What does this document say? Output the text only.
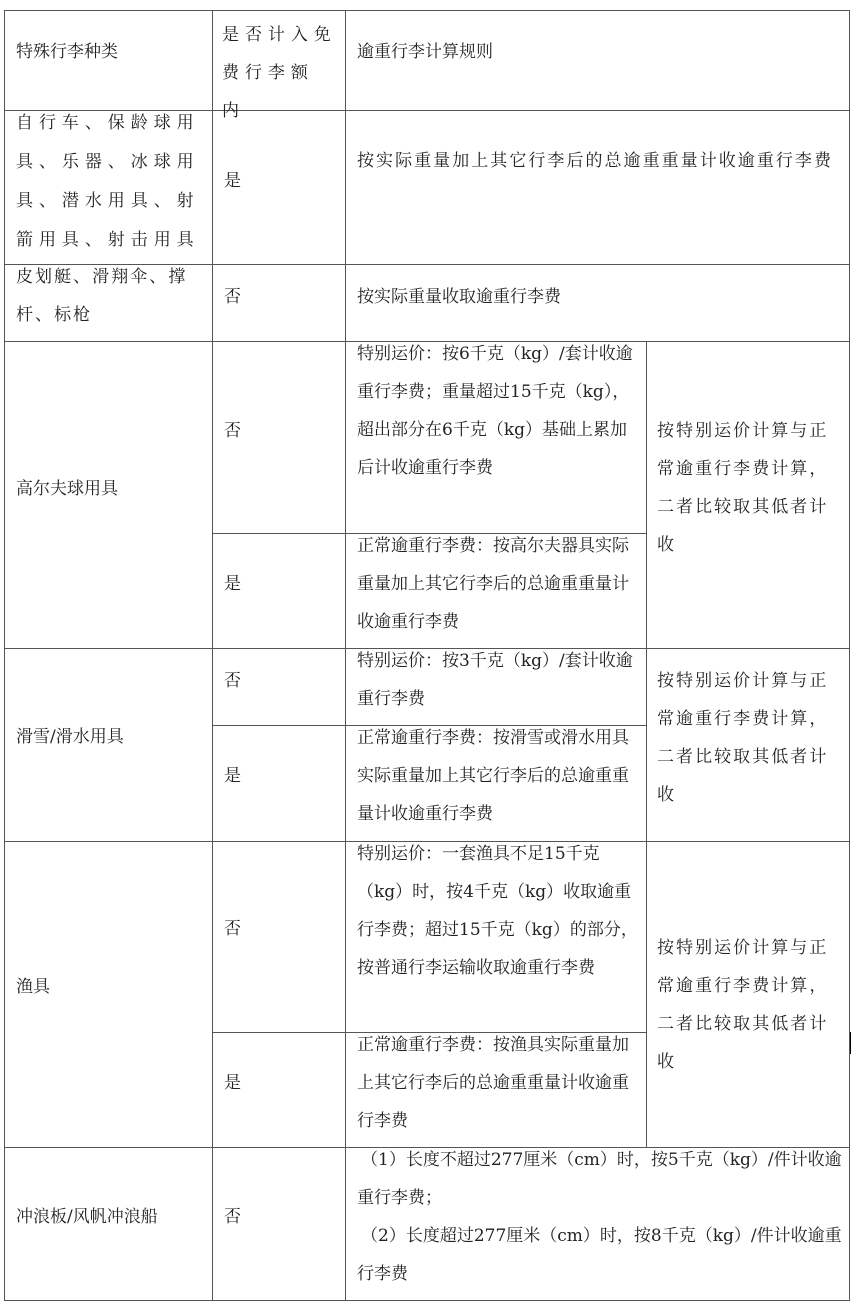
特殊行李种类
是否计入免费行李额 内
逾重行李计算规则
自行车、保龄球用具、乐器、冰球用具、潜水用具、射箭用具、射击用具
是
按实际重量加上其它行李后的总逾重重量计收逾重行李费
皮划艇、滑翔伞、撑杆、标枪
否	按实际重量收取逾重行李费
高尔夫球用具
否
特别运价：按6千克（kg）/套计收逾重行李费；重量超过15千克（kg），超出部分在6千克（kg）基础上累加后计收逾重行李费
是
正常逾重行李费：按高尔夫器具实际重量加上其它行李后的总逾重重量计收逾重行李费
按特别运价计算与正常逾重行李费计算，二者比较取其低者计收
滑雪/滑水用具
否
特别运价：按3千克（kg）/套计收逾重行李费
是
正常逾重行李费：按滑雪或滑水用具实际重量加上其它行李后的总逾重重量计收逾重行李费
按特别运价计算与正常逾重行李费计算，二者比较取其低者计收
渔具
否
特别运价：一套渔具不足15千克（kg）时，按4千克（kg）收取逾重行李费；超过15千克（kg）的部分，按普通行李运输收取逾重行李费
是
正常逾重行李费：按渔具实际重量加上其它行李后的总逾重重量计收逾重行李费
按特别运价计算与正常逾重行李费计算，二者比较取其低者计收
冲浪板/风帆冲浪船	否
（1）长度不超过277厘米（cm）时，按5千克（kg）/件计收逾重行李费；
（2）长度超过277厘米（cm）时，按8千克（kg）/件计收逾重行李费
